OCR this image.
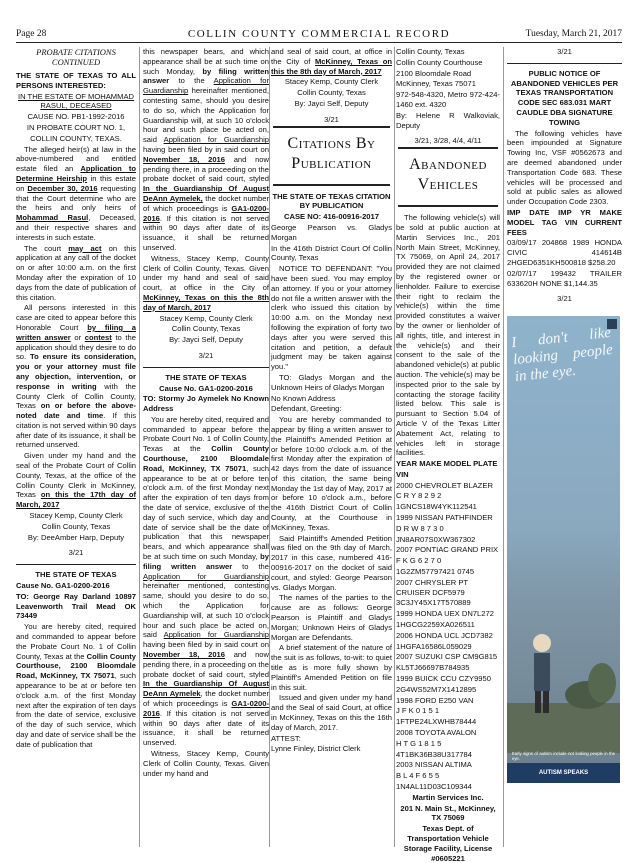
Page 28	COLLIN COUNTY COMMERCIAL RECORD	Tuesday, March 21, 2017
PROBATE CITATIONS
CONTINUED

THE STATE OF TEXAS TO ALL PERSONS INTERESTED:

IN THE ESTATE OF MOHAMMAD RASUL, DECEASED

CAUSE NO. PB1-1992-2016

IN PROBATE COURT NO. 1,

COLLIN COUNTY, TEXAS.

The alleged heir(s) at law in the above-numbered and entitled estate filed an Application to Determine Heirship in this estate on December 30, 2016 requesting that the Court determine who are the heirs and only heirs of Mohammad Rasul, Deceased, and their respective shares and interests in such estate.

The court may act on this application at any call of the docket on or after 10:00 a.m. on the first Monday after the expiration of 10 days from the date of publication of this citation.

All persons interested in this case are cited to appear before this Honorable Court by filing a written answer or contest to the application should they desire to do so. To ensure its consideration, you or your attorney must file any objection, intervention, or response in writing with the County Clerk of Collin County, Texas on or before the above-noted date and time. If this citation is not served within 90 days after date of its issuance, it shall be returned unserved.

Given under my hand and the seal of the Probate Court of Collin County, Texas, at the office of the Collin County Clerk in McKinney, Texas on this the 17th day of March, 2017

Stacey Kemp, County Clerk

Collin County, Texas

By: DeeAmber Harp, Deputy

3/21

THE STATE OF TEXAS

Cause No. GA1-0200-2016

TO: George Ray Darland 10897 Leavenworth Trail Mead OK 73449

You are hereby cited, required and commanded to appear before the Probate Court No. 1 of Collin County, Texas at the Collin County Courthouse, 2100 Bloomdale Road, McKinney, TX 75071, such appearance to be at or before ten o'clock a.m. of the first Monday next after the expiration of ten days from the date of service, exclusive of the day of such service, which day and date of service shall be the date of publication that

this newspaper bears, and which appearance shall be at such time on such Monday, by filing written answer to the Application for Guardianship hereinafter mentioned, contesting same, should you desire to do so, which the Application for Guardianship will, at such 10 o'clock hour and such place be acted on, said Application for Guardianship having been filed by in said court on November 18, 2016 and now pending there, in a proceeding on the probate docket of said court, styled In the Guardianship Of August DeAnn Aymelek, the docket number of which proceedings is GA1-0200-2016. If this citation is not served within 90 days after date of its issuance, it shall be returned unserved.

Witness, Stacey Kemp, County Clerk of Collin County, Texas. Given under my hand and seal of said court, at office in the City of McKinney, Texas on this the 8th day of March, 2017

Stacey Kemp, County Clerk

Collin County, Texas

By: Jayci Self, Deputy

3/21

THE STATE OF TEXAS

Cause No. GA1-0200-2016

TO: Stormy Jo Aymelek No Known Address

You are hereby cited, required and commanded to appear before the Probate Court No. 1 of Collin County, Texas at the Collin County Courthouse, 2100 Bloomdale Road, McKinney, TX 75071, such appearance to be at or before ten o'clock a.m. of the first Monday next after the expiration of ten days from the date of service, exclusive of the day of such service, which day and date of service shall be the date of publication that this newspaper bears, and which appearance shall be at such time on such Monday, by filing written answer to the Application for Guardianship hereinafter mentioned, contesting same, should you desire to do so, which the Application for Guardianship will, at such 10 o'clock hour and such place be acted on, said Application for Guardianship having been filed by in said court on November 18, 2016 and now pending there, in a proceeding on the probate docket of said court, styled In the Guardianship Of August DeAnn Aymelek, the docket number of which proceedings is GA1-0200-2016. If this citation is not served within 90 days after date of its issuance, it shall be returned unserved.

Witness, Stacey Kemp, County Clerk of Collin County, Texas. Given under my hand and

and seal of said court, at office in the City of McKinney, Texas on this the 8th day of March, 2017

Stacey Kemp, County Clerk

Collin County, Texas

By: Jayci Self, Deputy

3/21

Citations By
Publication

THE STATE OF TEXAS CITATION BY PUBLICATION

CASE NO: 416-00916-2017

George Pearson vs. Gladys Morgan

In the 416th District Court Of Collin County, Texas

NOTICE TO DEFENDANT: "You have been sued. You may employ an attorney. If you or your attorney do not file a written answer with the clerk who issued this citation by 10:00 a.m. on the Monday next following the expiration of forty two days after you were served this citation and petition, a default judgment may be taken against you."

TO: Gladys Morgan and the Unknown Heirs of Gladys Morgan

No Known Address

Defendant, Greeting:

You are hereby commanded to appear by filing a written answer to the Plaintiff's Amended Petition at or before 10:00 o'clock a.m. of the first Monday after the expiration of 42 days from the date of issuance of this citation, the same being Monday the 1st day of May, 2017 at or before 10 o'clock a.m., before the 416th District Court of Collin County, at the Courthouse in McKinney, Texas.

Said Plaintiff's Amended Petition was filed on the 9th day of March, 2017 in this case, numbered 416-00916-2017 on the docket of said court, and styled: George Pearson vs. Gladys Morgan.

The names of the parties to the cause are as follows: George Pearson is Plaintiff and Gladys Morgan; Unknown Heirs of Gladys Morgan are Defendants.

A brief statement of the nature of the suit is as follows, to-wit: to quiet title as is more fully shown by Plaintiff's Amended Petition on file in this suit.

Issued and given under my hand and the Seal of said Court, at office in McKinney, Texas on this the 16th day of March, 2017.

ATTEST:

Lynne Finley, District Clerk

Collin County, Texas

Collin County Courthouse

2100 Bloomdale Road

McKinney, Texas 75071

972-548-4320, Metro 972-424-1460 ext. 4320

By: Helene R Walkoviak, Deputy

3/21, 3/28, 4/4, 4/11

Abandoned
Vehicles

The following vehicle(s) will be sold at public auction at Martin Services Inc., 201 North Main Street, McKinney, TX 75069, on April 24, 2017 provided they are not claimed by the registered owner or lienholder. Failure to exercise their right to reclaim the vehicle(s) within the time provided constitutes a waiver by the owner or lienholder of all rights, title, and interest in the vehicle(s) and their consent to the sale of the abandoned vehicle(s) at public auction. The vehicle(s) may be inspected prior to the sale by contacting the storage facility listed below. This sale is pursuant to Section 5.04 of Article V of the Texas Litter Abatement Act, relating to vehicles left in storage facilities.

YEAR MAKE MODEL PLATE

VIN

2000 CHEVROLET BLAZER

C R Y 8 2 9 2

1GNCS18W4YK112541

1999 NISSAN PATHFINDER

D R W 8 7 3 0

JN8AR07S0XW367302

2007 PONTIAC GRAND PRIX

F K G 6 2 7 0

1G2ZM57797421 0745

2007 CHRYSLER PT CRUISER DCF5979

3C3JY45X17T570889

1999 HONDA UEX DN7L272

1HGCG2259XA026511

2006 HONDA UCL JCD7382

1HGFA16586L059029

2007 SUZUKI CSP CM9G815

KL5TJ66697B784935

1999 BUICK CCU CZY9950

2G4WS52M7X1412895

1998 FORD E250 VAN

J F K 0 1 5 1

1FTPE24LXWHB78444

2008 TOYOTA AVALON

H T G 1 8 1 5

4T1BK36B38U317784

2003 NISSAN ALTIMA

B L 4 F 6 5 5

1N4AL11D03C109344

Martin Services Inc.

201 N. Main St., McKinney, TX 75069

Texas Dept. of Transportation Vehicle Storage Facility, License #0605221

3/21

PUBLIC NOTICE OF ABANDONED VEHICLES PER TEXAS TRANSPORTATION CODE SEC 683.031 MART CAUDLE DBA SIGNATURE TOWING

The following vehicles have been impounded at Signature Towing Inc, VSF #0562673 and are deemed abandoned under Transportation Code 683. These vehicles will be processed and sold at public sales as allowed under Occupation Code 2303.

IMP DATE IMP YR MAKE MODEL TAG VIN CURRENT FEES

03/09/17 204868 1989 HONDA CIVIC 414614B 2HGED6351KH500818 $258.20

02/07/17 199432 TRAILER 633620H NONE $1,144.35

3/21

I don't like looking people in the eye.
Early signs of autism include not looking people in the eye.
AUTISM SPEAKS
